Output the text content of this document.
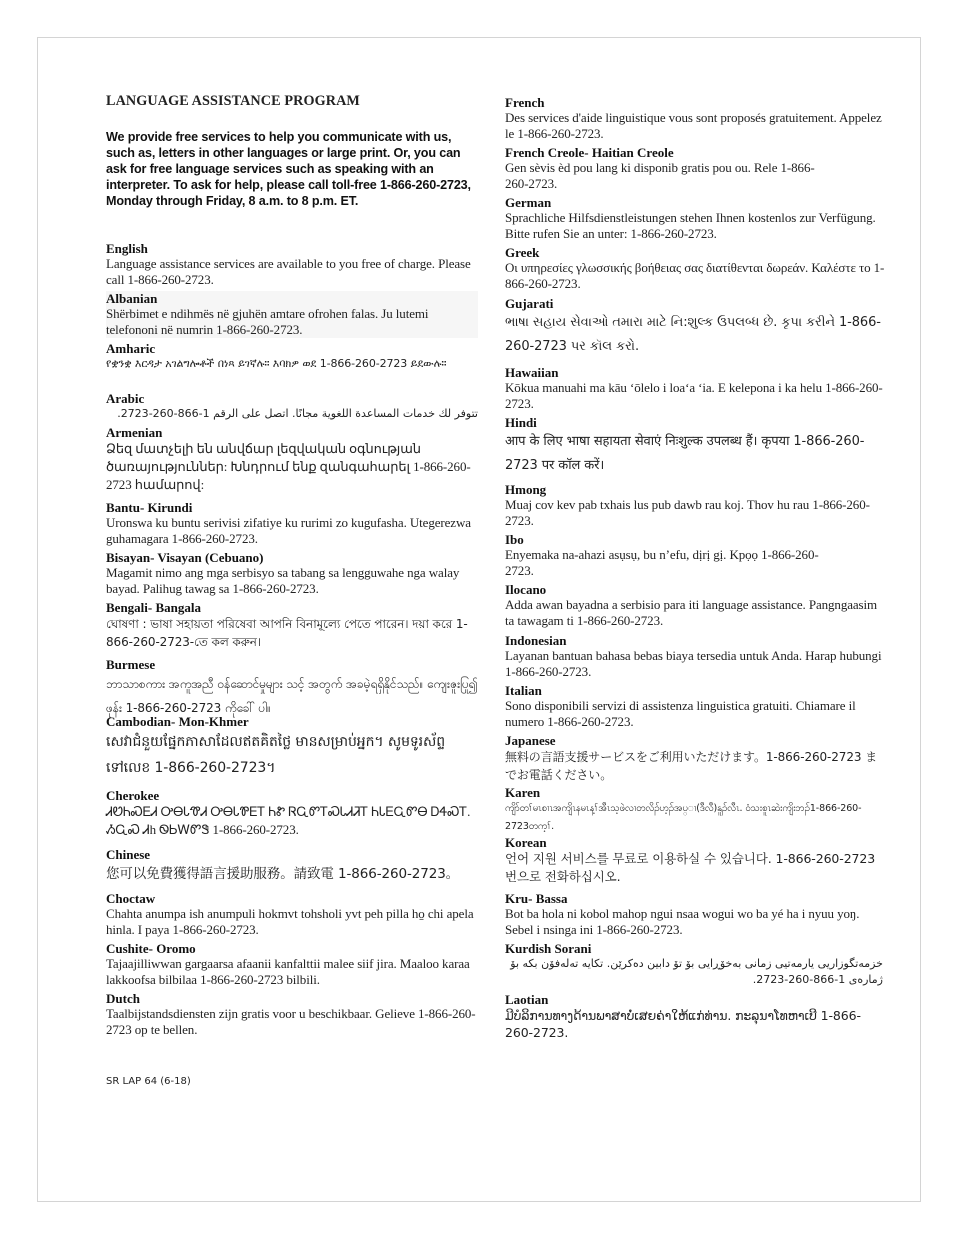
LANGUAGE ASSISTANCE PROGRAM

We provide free services to help you communicate with us, such as, letters in other languages or large print. Or, you can ask for free language services such as speaking with an interpreter. To ask for help, please call toll-free 1-866-260-2723, Monday through Friday, 8 a.m. to 8 p.m. ET.

English
Language assistance services are available to you free of charge. Please call 1-866-260-2723.
Albanian
Shërbimet e ndihmës në gjuhën amtare ofrohen falas. Ju lutemi telefononi në numrin 1-866-260-2723.
Amharic
የቋንቋ እርዳታ አገልግሎቶች በነጻ ይገኛሉ። እባክዎ ወደ 1-866-260-2723 ይደውሉ።
Arabic
تتوفر لك خدمات المساعدة اللغوية مجانًا. اتصل على الرقم 1-866-260-2723.
Armenian
Ձեզ մատչելի են անվճար լեզվական օգնության ծառայություններ: Խնդրում ենք զանգահարել 1-866-260-2723 համարով:
Bantu- Kirundi
Uronswa ku buntu serivisi zifatiye ku rurimi zo kugufasha. Utegerezwa guhamagara 1-866-260-2723.
Bisayan- Visayan (Cebuano)
Magamit nimo ang mga serbisyo sa tabang sa lengguwahe nga walay bayad. Palihug tawag sa 1-866-260-2723.
Bengali- Bangala
ঘোষণা : ভাষা সহায়তা পরিষেবা আপনি বিনামূল্যে পেতে পারেন। দয়া করে 1-866-260-2723-তে কল করুন।
Burmese
ဘာသာစကား အကူအညီ ဝန်ဆောင်မှုများ သင့် အတွက် အခမဲ့ရရှိနိုင်သည်။ ကျေးဇူးပြု၍ ဖုန်း 1-866-260-2723 ကိုခေါ် ပါ။
Cambodian- Mon-Khmer
សេវាជំនួយផ្នែកភាសាដែលឥតគិតថ្លៃ មានសម្រាប់អ្នក។ សូមទូរស័ព្ទទៅលេខ 1-866-260-2723។
Cherokee
ᏗᏬᏂᏍᎬᏗ ᎤᎾᏓᏡᏗ ᎤᎾᏓᏈᎬᎢ ᏂᏑ ᏒᏩᏛᎢᏍᏓᏗᏘᎢ ᏂᏓᎬᏩᏛᎾ ᎠᏎᏍᎢ. ᏱᏩᏍ Ꮧh ᏫᏏᎳᏛᏕ 1-866-260-2723.
Chinese
您可以免費獲得語言援助服務。請致電 1-866-260-2723。
Choctaw
Chahta anumpa ish anumpuli hokmvt tohsholi yvt peh pilla ho̱ chi apela hinla. I paya 1-866-260-2723.
Cushite- Oromo
Tajaajilliwwan gargaarsa afaanii kanfalttii malee siif jira. Maaloo karaa lakkoofsa bilbilaa 1-866-260-2723 bilbili.
Dutch
Taalbijstandsdiensten zijn gratis voor u beschikbaar. Gelieve 1-866-260-2723 op te bellen.
French
Des services d'aide linguistique vous sont proposés gratuitement. Appelez le 1-866-260-2723.
French Creole- Haitian Creole
Gen sèvis èd pou lang ki disponib gratis pou ou. Rele 1-866-260-2723.
German
Sprachliche Hilfsdienstleistungen stehen Ihnen kostenlos zur Verfügung. Bitte rufen Sie an unter: 1-866-260-2723.
Greek
Οι υπηρεσίες γλωσσικής βοήθειας σας διατίθενται δωρεάν. Καλέστε το 1-866-260-2723.
Gujarati
ભાષા સહાય સેવાઓ તમારા માટે નિ:શુલ્ક ઉપલબ્ધ છે. કૃપા કરીને 1-866-260-2723 પર કૉલ કરો.
Hawaiian
Kōkua manuahi ma kāu ʻōlelo i loaʻa ʻia. E kelepona i ka helu 1-866-260-2723.
Hindi
आप के लिए भाषा सहायता सेवाएं निःशुल्क उपलब्ध हैं। कृपया 1-866-260-2723 पर कॉल करें।
Hmong
Muaj cov kev pab txhais lus pub dawb rau koj. Thov hu rau 1-866-260-2723.
Ibo
Enyemaka na-ahazi asụsụ, bu n’efu, dịrị gị. Kpọọ 1-866-260-2723.
Ilocano
Adda awan bayadna a serbisio para iti language assistance. Pangngaasim ta tawagam ti 1-866-260-2723.
Indonesian
Layanan bantuan bahasa bebas biaya tersedia untuk Anda. Harap hubungi 1-866-260-2723.
Italian
Sono disponibili servizi di assistenza linguistica gratuiti. Chiamare il numero 1-866-260-2723.
Japanese
無料の言語支援サービスをご利用いただけます。1-866-260-2723 までお電話ください。
Karen
ကျိာ်တၢ်မၤစၢၤအကျိၤနမၤန့ၢ်အီၤသ့ဖဲလၢတလိၣ်ဟ့ၣ်အပ္ၢ(ဒီလီ)နူၣ်လီၤ. ဝံသးစူၤဆဲးကျိးဘၣ်1-866-260-2723တက့ၢ်.
Korean
언어 지원 서비스를 무료로 이용하실 수 있습니다. 1-866-260-2723 번으로 전화하십시오.
Kru- Bassa
Bot ba hola ni kobol mahop ngui nsaa wogui wo ba yé ha i nyuu yoŋ. Sebel i nsinga ini 1-866-260-2723.
Kurdish Sorani
خزمەتگوزاریی یارمەتیی زمانی بەخۆڕایی بۆ تۆ دابین دەکرێن. تکایە تەلەفۆن بکە بۆ ژمارەی 1-866-260-2723.
Laotian
ມີບໍລິການທາງດ້ານພາສາບໍ່ເສຍຄ່າໃຫ້ແກ່ທ່ານ. ກະລຸນາໂທຫາເບີ 1-866-260-2723.
SR LAP 64 (6-18)
